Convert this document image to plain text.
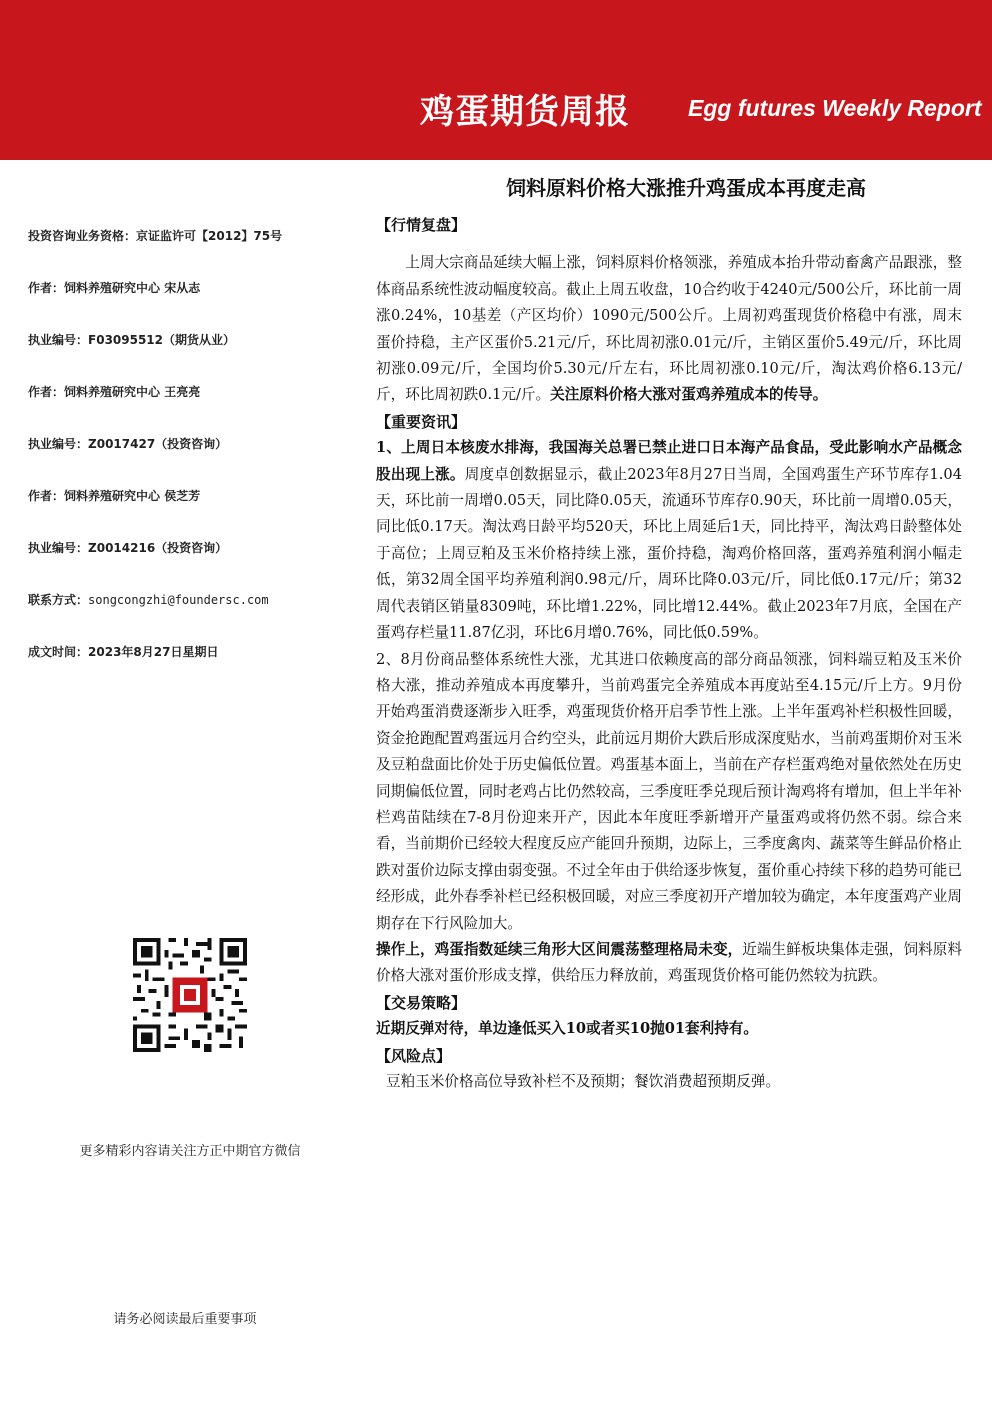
鸡蛋期货周报	Egg futures Weekly Report
饲料原料价格大涨推升鸡蛋成本再度走高
投资咨询业务资格：京证监许可【2012】75号
作者：饲料养殖研究中心 宋从志
执业编号：F03095512（期货从业）
作者：饲料养殖研究中心 王亮亮
执业编号：Z0017427（投资咨询）
作者：饲料养殖研究中心 侯芝芳
执业编号：Z0014216（投资咨询）
联系方式：songcongzhi@foundersc.com
成文时间：2023年8月27日星期日
更多精彩内容请关注方正中期官方微信
请务必阅读最后重要事项

【行情复盘】

上周大宗商品延续大幅上涨，饲料原料价格领涨，养殖成本抬升带动畜禽产品跟涨，整体商品系统性波动幅度较高。截止上周五收盘，10合约收于4240元/500公斤，环比前一周涨0.24%，10基差（产区均价）1090元/500公斤。上周初鸡蛋现货价格稳中有涨，周末蛋价持稳，主产区蛋价5.21元/斤，环比周初涨0.01元/斤，主销区蛋价5.49元/斤，环比周初涨0.09元/斤，全国均价5.30元/斤左右，环比周初涨0.10元/斤，淘汰鸡价格6.13元/斤，环比周初跌0.1元/斤。关注原料价格大涨对蛋鸡养殖成本的传导。

【重要资讯】

1、上周日本核废水排海，我国海关总署已禁止进口日本海产品食品，受此影响水产品概念股出现上涨。周度卓创数据显示，截止2023年8月27日当周，全国鸡蛋生产环节库存1.04天，环比前一周增0.05天，同比降0.05天，流通环节库存0.90天，环比前一周增0.05天，同比低0.17天。淘汰鸡日龄平均520天，环比上周延后1天，同比持平，淘汰鸡日龄整体处于高位；上周豆粕及玉米价格持续上涨，蛋价持稳，淘鸡价格回落，蛋鸡养殖利润小幅走低，第32周全国平均养殖利润0.98元/斤，周环比降0.03元/斤，同比低0.17元/斤；第32周代表销区销量8309吨，环比增1.22%，同比增12.44%。截止2023年7月底，全国在产蛋鸡存栏量11.87亿羽，环比6月增0.76%，同比低0.59%。

2、8月份商品整体系统性大涨，尤其进口依赖度高的部分商品领涨，饲料端豆粕及玉米价格大涨，推动养殖成本再度攀升，当前鸡蛋完全养殖成本再度站至4.15元/斤上方。9月份开始鸡蛋消费逐渐步入旺季，鸡蛋现货价格开启季节性上涨。上半年蛋鸡补栏积极性回暖，资金抢跑配置鸡蛋远月合约空头，此前远月期价大跌后形成深度贴水，当前鸡蛋期价对玉米及豆粕盘面比价处于历史偏低位置。鸡蛋基本面上，当前在产存栏蛋鸡绝对量依然处在历史同期偏低位置，同时老鸡占比仍然较高，三季度旺季兑现后预计淘鸡将有增加，但上半年补栏鸡苗陆续在7-8月份迎来开产，因此本年度旺季新增开产量蛋鸡或将仍然不弱。综合来看，当前期价已经较大程度反应产能回升预期，边际上，三季度禽肉、蔬菜等生鲜品价格止跌对蛋价边际支撑由弱变强。不过全年由于供给逐步恢复，蛋价重心持续下移的趋势可能已经形成，此外春季补栏已经积极回暖，对应三季度初开产增加较为确定，本年度蛋鸡产业周期存在下行风险加大。

操作上，鸡蛋指数延续三角形大区间震荡整理格局未变，近端生鲜板块集体走强，饲料原料价格大涨对蛋价形成支撑，供给压力释放前，鸡蛋现货价格可能仍然较为抗跌。

【交易策略】

近期反弹对待，单边逢低买入10或者买10抛01套利持有。

【风险点】

豆粕玉米价格高位导致补栏不及预期；餐饮消费超预期反弹。
